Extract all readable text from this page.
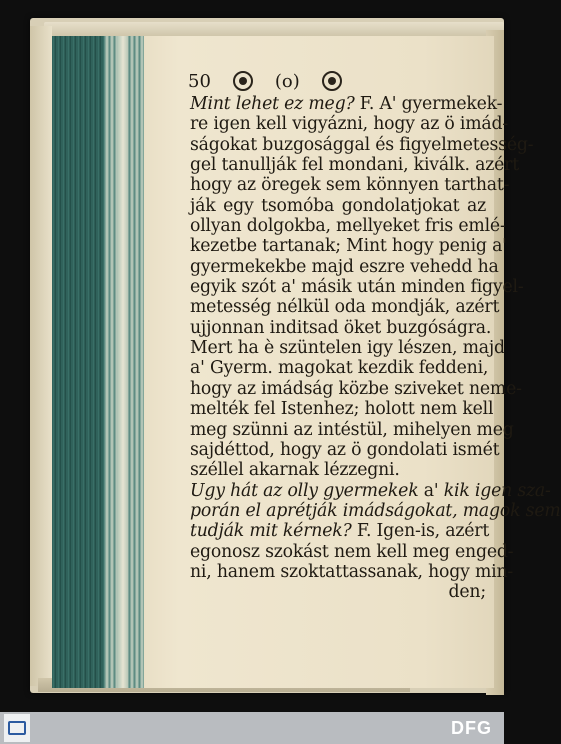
50	(o)
Mint lehet ez meg? F. A' gyermekek-
re igen kell vigyázni, hogy az ö imád-
ságokat buzgosággal és figyelmetesség-
gel tanullják fel mondani, kiválk. azért
hogy az öregek sem könnyen tarthat-
ják egy tsomóba gondolatjokat az
ollyan dolgokba, mellyeket fris emlé-
kezetbe tartanak; Mint hogy penig a'
gyermekekbe majd eszre vehedd ha
egyik szót a' másik után minden figyel-
metesség nélkül oda mondják, azért
ujjonnan inditsad öket buzgóságra.
Mert ha è szüntelen igy lészen, majd
a' Gyerm. magokat kezdik feddeni,
hogy az imádság közbe sziveket neme-
melték fel Istenhez; holott nem kell
meg szünni az intéstül, mihelyen meg
sajdéttod, hogy az ö gondolati ismét
széllel akarnak lézzegni.
Ugy hát az olly gyermekek a' kik igen sza-
porán el aprétják imádságokat, magok sem
tudják mit kérnek? F. Igen-is, azért
egonosz szokást nem kell meg enged-
ni, hanem szoktattassanak, hogy min-
den;
DFG
